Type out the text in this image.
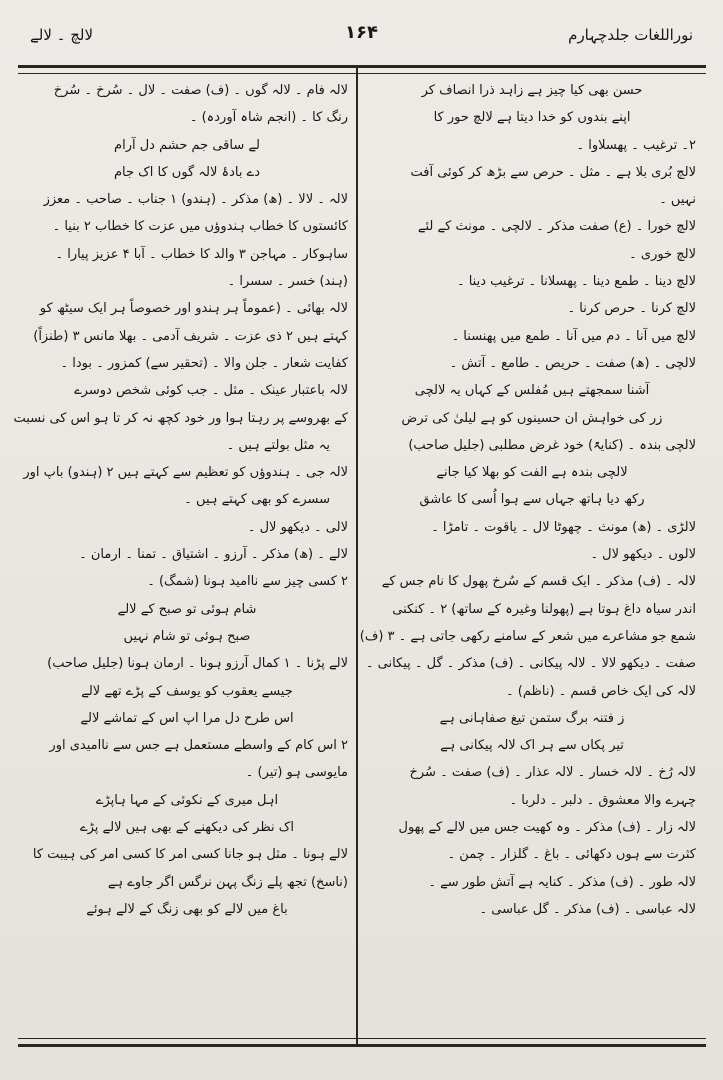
نوراللغات جلدچہارم
۱۶۴
لالچ ۔ لالے
حسن بھی کیا چیز ہے زاہد ذرا انصاف کر
اپنے بندوں کو خدا دیتا ہے لالچ حور کا
۲۔ ترغیب ۔ پھسلاوا ۔
لالچ بُری بلا ہے ۔ مثل ۔ حرص سے بڑھ کر کوئی آفت
نہیں ۔
لالچ خورا ۔ (ع) صفت مذکر ۔ لالچی ۔ مونث کے لئے
لالچ خوری ۔
لالچ دینا ۔ طمع دینا ۔ پھسلانا ۔ ترغیب دینا ۔
لالچ کرنا ۔ حرص کرنا ۔
لالچ میں آنا ۔ دم میں آنا ۔ طمع میں پھنسنا ۔
لالچی ۔ (ھ) صفت ۔ حریص ۔ طامع ۔ آتش ۔
آشنا سمجھتے ہیں مُفلس کے کہاں یہ لالچی
زر کی خواہش ان حسینوں کو ہے لیلیٰ کی ترض
لالچی بندہ ۔ (کنایۃً) خود غرض مطلبی (جلیل صاحب)
لالچی بندہ ہے الفت کو بھلا کیا جانے
رکھ دیا ہاتھ جہاں سے ہوا اُسی کا عاشق
لالڑی ۔ (ھ) مونث ۔ چھوٹا لال ۔ یاقوت ۔ تامڑا ۔
لالوں ۔ دیکھو لال ۔
لالہ ۔ (ف) مذکر ۔ ایک قسم کے سُرخ پھول کا نام جس کے
اندر سیاہ داغ ہوتا ہے (پھولنا وغیرہ کے ساتھ) ۲ ۔ کنکنی
شمع جو مشاعرے میں شعر کے سامنے رکھی جاتی ہے ۔ ۳ (ف)
صفت ۔ دیکھو لالا ۔ لالہ پیکانی ۔ (ف) مذکر ۔ گل ۔ پیکانی ۔
لالہ کی ایک خاص قسم ۔ (ناظم) ۔
ز فتنہ برگ ستمن تیغ صفاہانی ہے
تیر پکاں سے ہر اک لالہ پیکانی ہے
لالہ رُخ ۔ لالہ خسار ۔ لالہ عذار ۔ (ف) صفت ۔ سُرخ
چہرے والا معشوق ۔ دلبر ۔ دلربا ۔
لالہ زار ۔ (ف) مذکر ۔ وہ کھیت جس میں لالے کے پھول
کثرت سے ہوں دکھائی ۔ باغ ۔ گلزار ۔ چمن ۔
لالہ طور ۔ (ف) مذکر ۔ کنایہ ہے آتش طور سے ۔
لالہ عباسی ۔ (ف) مذکر ۔ گل عباسی ۔
لالہ فام ۔ لالہ گوں ۔ (ف) صفت ۔ لال ۔ سُرخ ۔ سُرخ
رنگ کا ۔ (انجم شاہ آوردہ) ۔
لے ساقی جم حشم دل آرام
دے بادۂ لالہ گوں کا اک جام
لالہ ۔ لالا ۔ (ھ) مذکر ۔ (ہندو) ۱ جناب ۔ صاحب ۔ معزز
کائستوں کا خطاب ہندوؤں میں عزت کا خطاب ۲ بنیا ۔
ساہوکار ۔ مہاجن ۳ والد کا خطاب ۔ آبا ۴ عزیز پیارا ۔
(ہند) خسر ۔ سسرا ۔
لالہ بھائی ۔ (عموماً ہر ہندو اور خصوصاً ہر ایک سیٹھ کو
کہتے ہیں ۲ ذی عزت ۔ شریف آدمی ۔ بھلا مانس ۳ (طنزاً)
کفایت شعار ۔ جلن والا ۔ (تحقیر سے) کمزور ۔ بودا ۔
لالہ باعتبار عینک ۔ مثل ۔ جب کوئی شخص دوسرے
کے بھروسے پر رہتا ہوا ور خود کچھ نہ کر تا ہو اس کی نسبت
یہ مثل بولتے ہیں ۔
لالہ جی ۔ ہندوؤں کو تعظیم سے کہتے ہیں ۲ (ہندو) باپ اور
سسرے کو بھی کہتے ہیں ۔
لالی ۔ دیکھو لال ۔
لالے ۔ (ھ) مذکر ۔ آرزو ۔ اشتیاق ۔ تمنا ۔ ارمان ۔
۲ کسی چیز سے ناامید ہونا (شمگ) ۔
شام ہوئی تو صبح کے لالے
صبح ہوئی تو شام نہیں
لالے پڑنا ۔ ۱ کمال آرزو ہونا ۔ ارمان ہونا (جلیل صاحب)
جیسے یعقوب کو یوسف کے پڑے تھے لالے
اس طرح دل مرا اپ اس کے تماشے لالے
۲ اس کام کے واسطے مستعمل ہے جس سے ناامیدی اور
مایوسی ہو (تیر) ۔
اہل میری کے نکوئی کے مہا ہاپڑے
اک نظر کی دیکھنے کے بھی ہیں لالے پڑے
لالے ہونا ۔ مثل ہو جانا کسی امر کا کسی امر کی ہیبت کا
(ناسخ) تجھ پلے زنگ پہن نرگس اگر جاوے ہے
باغ میں لالے کو بھی زنگ کے لالے ہوئے
